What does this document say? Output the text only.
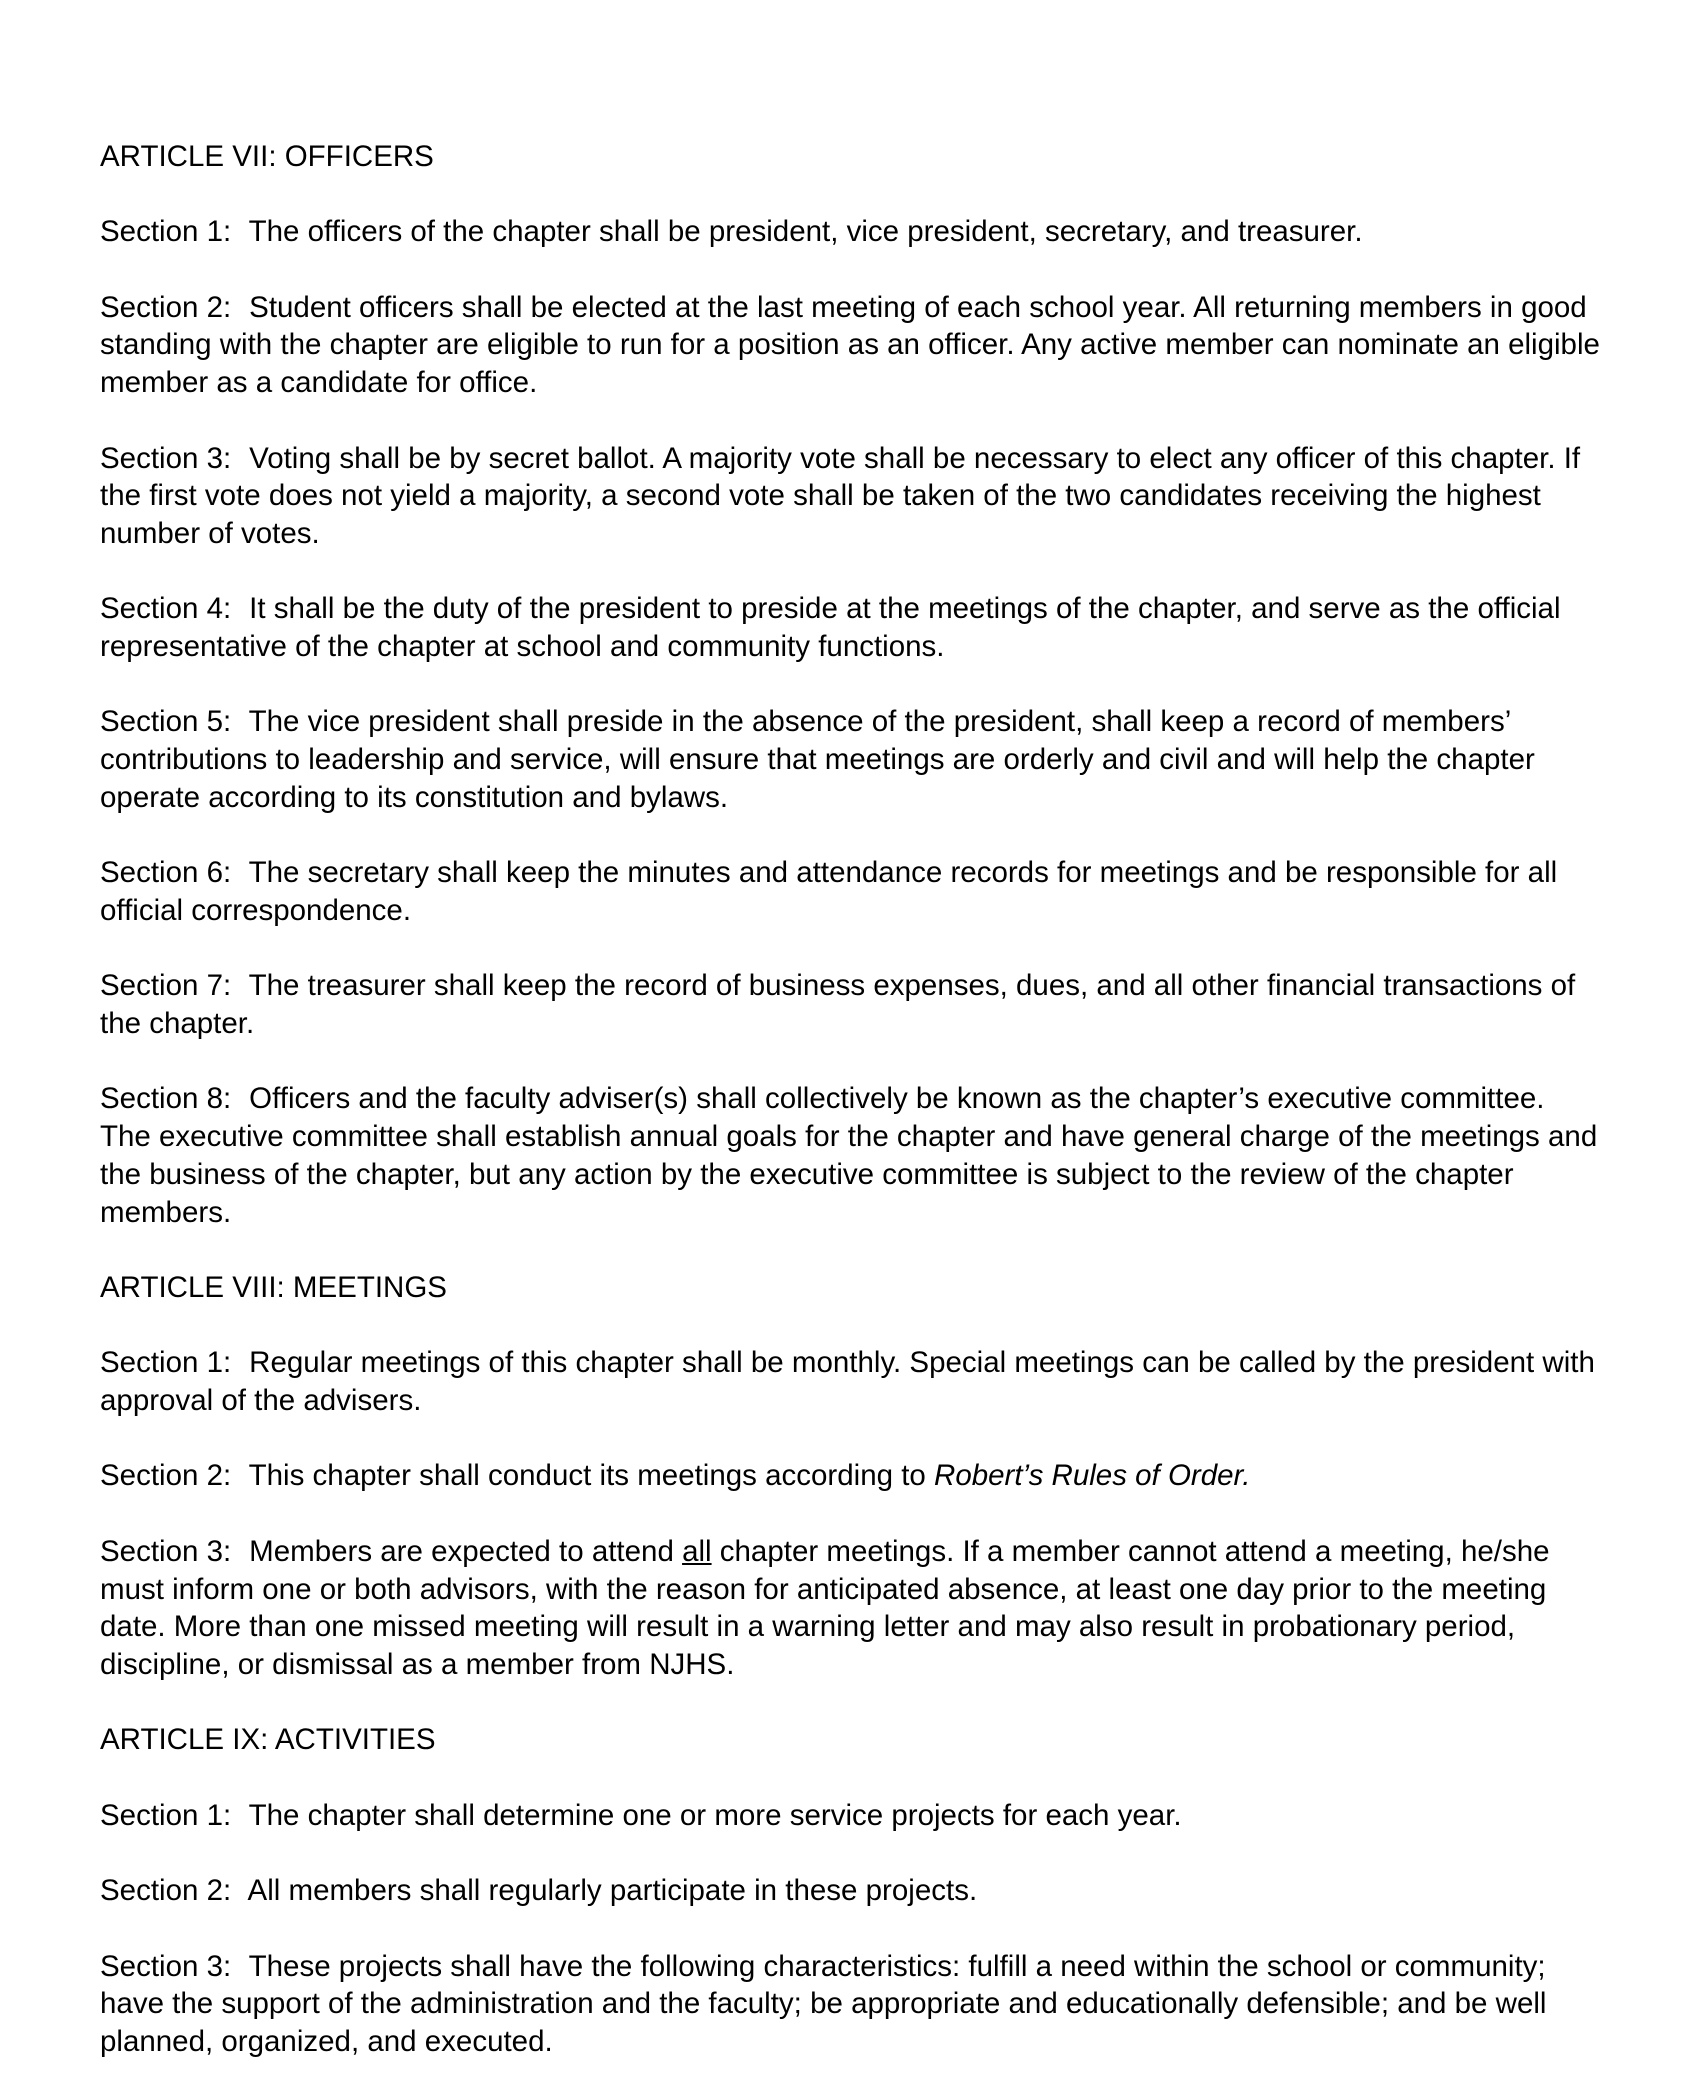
ARTICLE VII: OFFICERS
Section 1: The officers of the chapter shall be president, vice president, secretary, and treasurer.
Section 2: Student officers shall be elected at the last meeting of each school year. All returning members in good standing with the chapter are eligible to run for a position as an officer. Any active member can nominate an eligible member as a candidate for office.
Section 3: Voting shall be by secret ballot. A majority vote shall be necessary to elect any officer of this chapter. If the first vote does not yield a majority, a second vote shall be taken of the two candidates receiving the highest number of votes.
Section 4: It shall be the duty of the president to preside at the meetings of the chapter, and serve as the official representative of the chapter at school and community functions.
Section 5: The vice president shall preside in the absence of the president, shall keep a record of members’ contributions to leadership and service, will ensure that meetings are orderly and civil and will help the chapter operate according to its constitution and bylaws.
Section 6: The secretary shall keep the minutes and attendance records for meetings and be responsible for all official correspondence.
Section 7: The treasurer shall keep the record of business expenses, dues, and all other financial transactions of the chapter.
Section 8: Officers and the faculty adviser(s) shall collectively be known as the chapter’s executive committee. The executive committee shall establish annual goals for the chapter and have general charge of the meetings and the business of the chapter, but any action by the executive committee is subject to the review of the chapter members.
ARTICLE VIII: MEETINGS
Section 1: Regular meetings of this chapter shall be monthly. Special meetings can be called by the president with approval of the advisers.
Section 2: This chapter shall conduct its meetings according to Robert’s Rules of Order.
Section 3: Members are expected to attend all chapter meetings. If a member cannot attend a meeting, he/she must inform one or both advisors, with the reason for anticipated absence, at least one day prior to the meeting date. More than one missed meeting will result in a warning letter and may also result in probationary period, discipline, or dismissal as a member from NJHS.
ARTICLE IX: ACTIVITIES
Section 1: The chapter shall determine one or more service projects for each year.
Section 2: All members shall regularly participate in these projects.
Section 3: These projects shall have the following characteristics: fulfill a need within the school or community; have the support of the administration and the faculty; be appropriate and educationally defensible; and be well planned, organized, and executed.
